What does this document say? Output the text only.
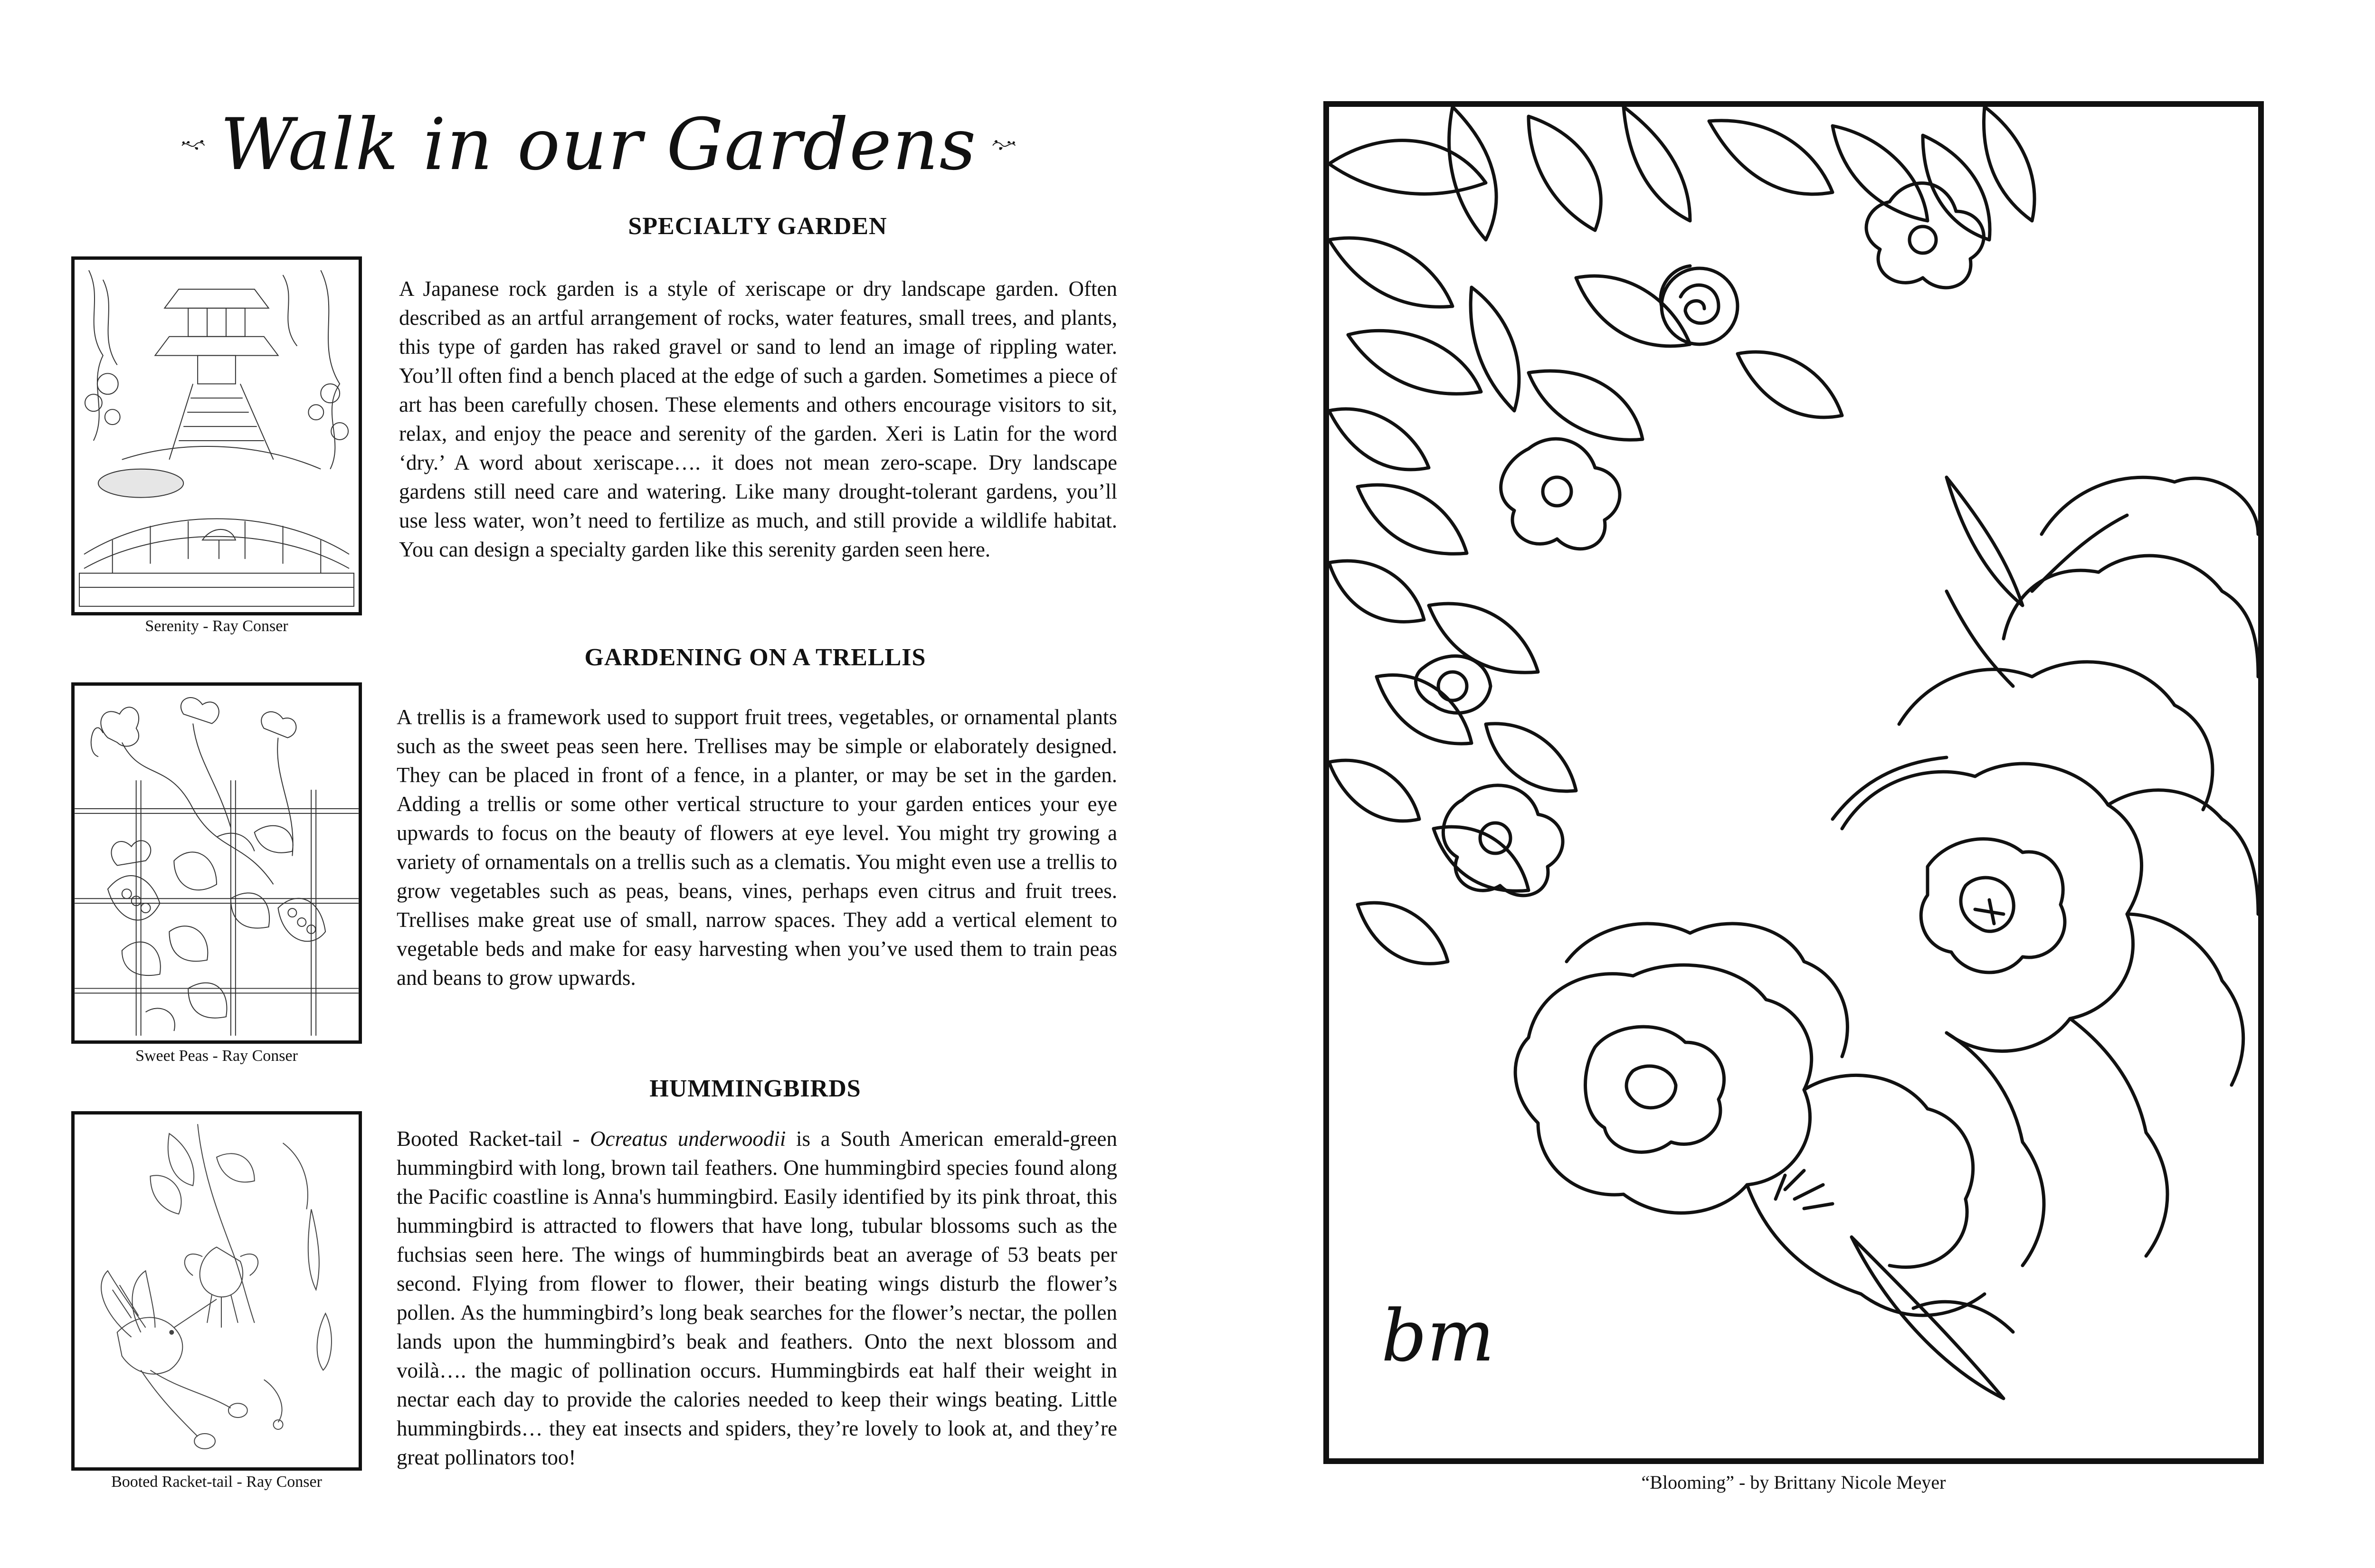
Walk in our Gardens
SPECIALTY GARDEN
Serenity - Ray Conser
A Japanese rock garden is a style of xeriscape or dry landscape garden. Often described as an artful arrangement of rocks, water features, small trees, and plants, this type of garden has raked gravel or sand to lend an image of rippling water. You’ll often find a bench placed at the edge of such a garden. Sometimes a piece of art has been carefully chosen. These elements and others encourage visitors to sit, relax, and enjoy the peace and serenity of the garden. Xeri is Latin for the word ‘dry.’ A word about xeriscape…. it does not mean zero-scape. Dry landscape gardens still need care and watering. Like many drought-tolerant gardens, you’ll use less water, won’t need to fertilize as much, and still provide a wildlife habitat. You can design a specialty garden like this serenity garden seen here.
GARDENING ON A TRELLIS
Sweet Peas - Ray Conser
A trellis is a framework used to support fruit trees, vegetables, or ornamental plants such as the sweet peas seen here. Trellises may be simple or elaborately designed. They can be placed in front of a fence, in a planter, or may be set in the garden. Adding a trellis or some other vertical structure to your garden entices your eye upwards to focus on the beauty of flowers at eye level. You might try growing a variety of ornamentals on a trellis such as a clematis. You might even use a trellis to grow vegetables such as peas, beans, vines, perhaps even citrus and fruit trees. Trellises make great use of small, narrow spaces. They add a vertical element to vegetable beds and make for easy harvesting when you’ve used them to train peas and beans to grow upwards.
HUMMINGBIRDS
Booted Racket-tail - Ray Conser
Booted Racket-tail - Ocreatus underwoodii is a South American emerald-green hummingbird with long, brown tail feathers. One hummingbird species found along the Pacific coastline is Anna's hummingbird. Easily identified by its pink throat, this hummingbird is attracted to flowers that have long, tubular blossoms such as the fuchsias seen here. The wings of hummingbirds beat an average of 53 beats per second. Flying from flower to flower, their beating wings disturb the flower’s pollen. As the hummingbird’s long beak searches for the flower’s nectar, the pollen lands upon the hummingbird’s beak and feathers. Onto the next blossom and voilà…. the magic of pollination occurs. Hummingbirds eat half their weight in nectar each day to provide the calories needed to keep their wings beating. Little hummingbirds… they eat insects and spiders, they’re lovely to look at, and they’re great pollinators too!
bm
“Blooming” - by Brittany Nicole Meyer
